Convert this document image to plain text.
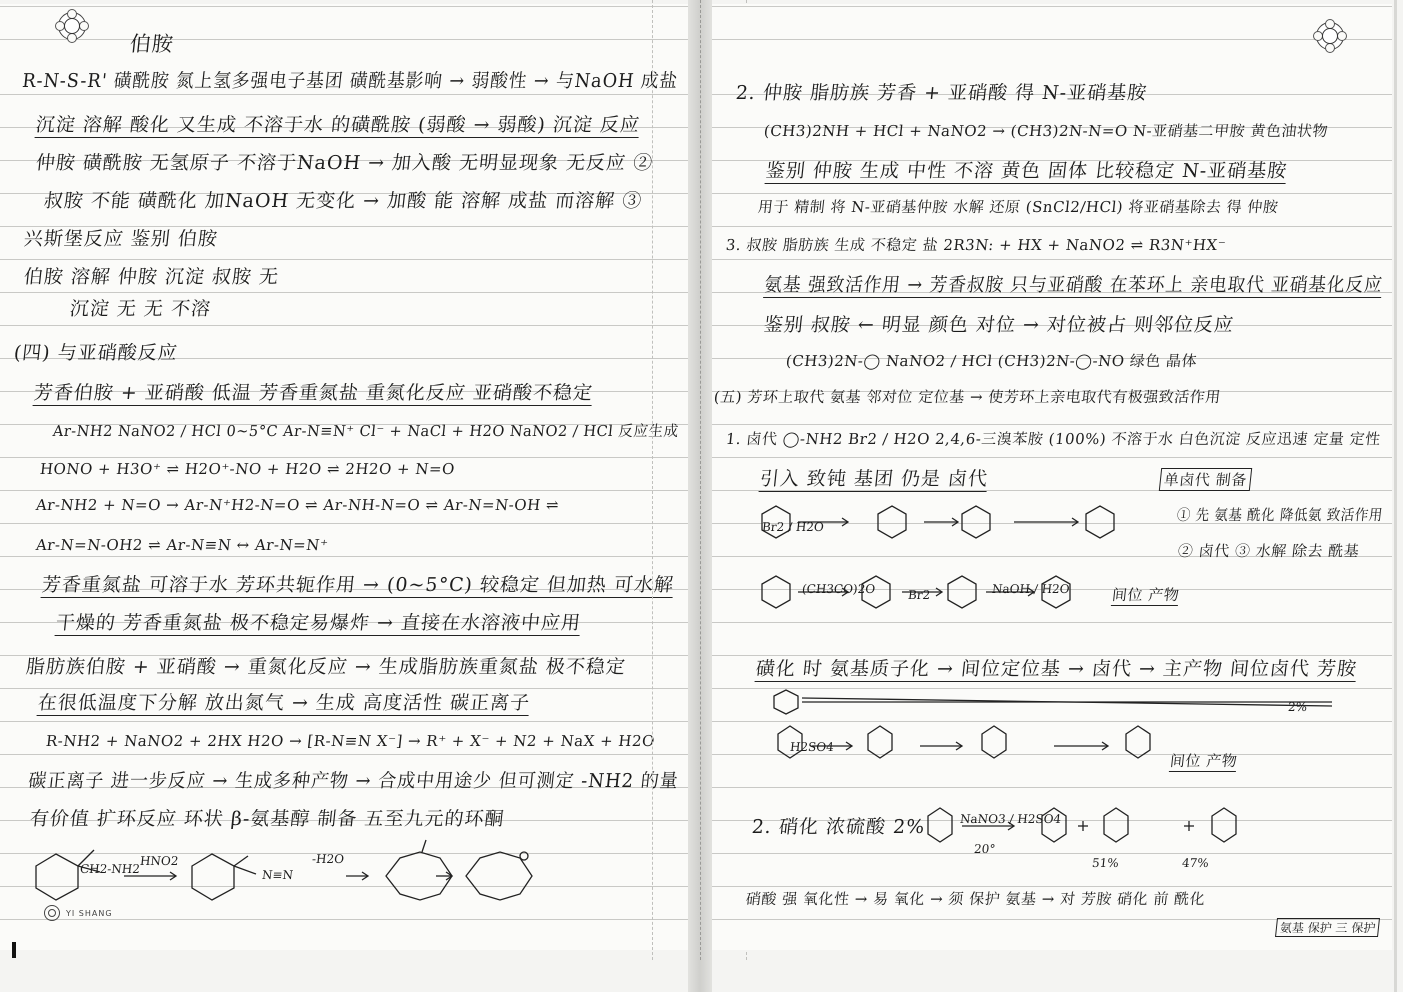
伯胺
R-N-S-R' 磺酰胺 氮上氢多强电子基团 磺酰基影响 → 弱酸性 → 与NaOH 成盐
沉淀 溶解 酸化 又生成 不溶于水 的磺酰胺 (弱酸 → 弱酸) 沉淀 反应
仲胺 磺酰胺 无氢原子 不溶于NaOH → 加入酸 无明显现象 无反应 ②
叔胺 不能 磺酰化 加NaOH 无变化 → 加酸 能 溶解 成盐 而溶解 ③
兴斯堡反应 鉴别 伯胺
伯胺 溶解 仲胺 沉淀 叔胺 无
沉淀 无 无 不溶
(四) 与亚硝酸反应
芳香伯胺 + 亚硝酸 低温 芳香重氮盐 重氮化反应 亚硝酸不稳定
Ar-NH2 NaNO2 / HCl 0~5°C Ar-N≡N⁺ Cl⁻ + NaCl + H2O NaNO2 / HCl 反应生成
HONO + H3O⁺ ⇌ H2O⁺-NO + H2O ⇌ 2H2O + N=O
Ar-NH2 + N=O → Ar-N⁺H2-N=O ⇌ Ar-NH-N=O ⇌ Ar-N=N-OH ⇌
Ar-N=N-OH2 ⇌ Ar-N≡N ↔ Ar-N=N⁺
芳香重氮盐 可溶于水 芳环共轭作用 → (0~5°C) 较稳定 但加热 可水解
干燥的 芳香重氮盐 极不稳定易爆炸 → 直接在水溶液中应用
脂肪族伯胺 + 亚硝酸 → 重氮化反应 → 生成脂肪族重氮盐 极不稳定
在很低温度下分解 放出氮气 → 生成 高度活性 碳正离子
R-NH2 + NaNO2 + 2HX H2O → [R-N≡N X⁻] → R⁺ + X⁻ + N2 + NaX + H2O
碳正离子 进一步反应 → 生成多种产物 → 合成中用途少 但可测定 -NH2 的量
有价值 扩环反应 环状 β-氨基醇 制备 五至九元的环酮
HNO2
CH2-NH2
-H2O
N≡N
2. 仲胺 脂肪族 芳香 + 亚硝酸 得 N-亚硝基胺
(CH3)2NH + HCl + NaNO2 → (CH3)2N-N=O N-亚硝基二甲胺 黄色油状物
鉴别 仲胺 生成 中性 不溶 黄色 固体 比较稳定 N-亚硝基胺
用于 精制 将 N-亚硝基仲胺 水解 还原 (SnCl2/HCl) 将亚硝基除去 得 仲胺
3. 叔胺 脂肪族 生成 不稳定 盐 2R3N: + HX + NaNO2 ⇌ R3N⁺HX⁻
氨基 强致活作用 → 芳香叔胺 只与亚硝酸 在苯环上 亲电取代 亚硝基化反应
鉴别 叔胺 ← 明显 颜色 对位 → 对位被占 则邻位反应
(CH3)2N-◯ NaNO2 / HCl (CH3)2N-◯-NO 绿色 晶体
(五) 芳环上取代 氨基 邻对位 定位基 → 使芳环上亲电取代有极强致活作用
1. 卤代 ◯-NH2 Br2 / H2O 2,4,6-三溴苯胺 (100%) 不溶于水 白色沉淀 反应迅速 定量 定性
引入 致钝 基团 仍是 卤代	单卤代 制备
① 先 氨基 酰化 降低氨 致活作用
② 卤代 ③ 水解 除去 酰基
Br2 / H2O
(CH3CO)2O	NaOH / H2O
Br2	间位 产物
磺化 时 氨基质子化 → 间位定位基 → 卤代 → 主产物 间位卤代 芳胺
H2SO4
间位 产物
2. 硝化 浓硫酸 2%	NaNO3 / H2SO4
20°
51%	47%
2%
硝酸 强 氧化性 → 易 氧化 → 须 保护 氨基 → 对 芳胺 硝化 前 酰化
氨基 保护 三 保护
YI SHANG
